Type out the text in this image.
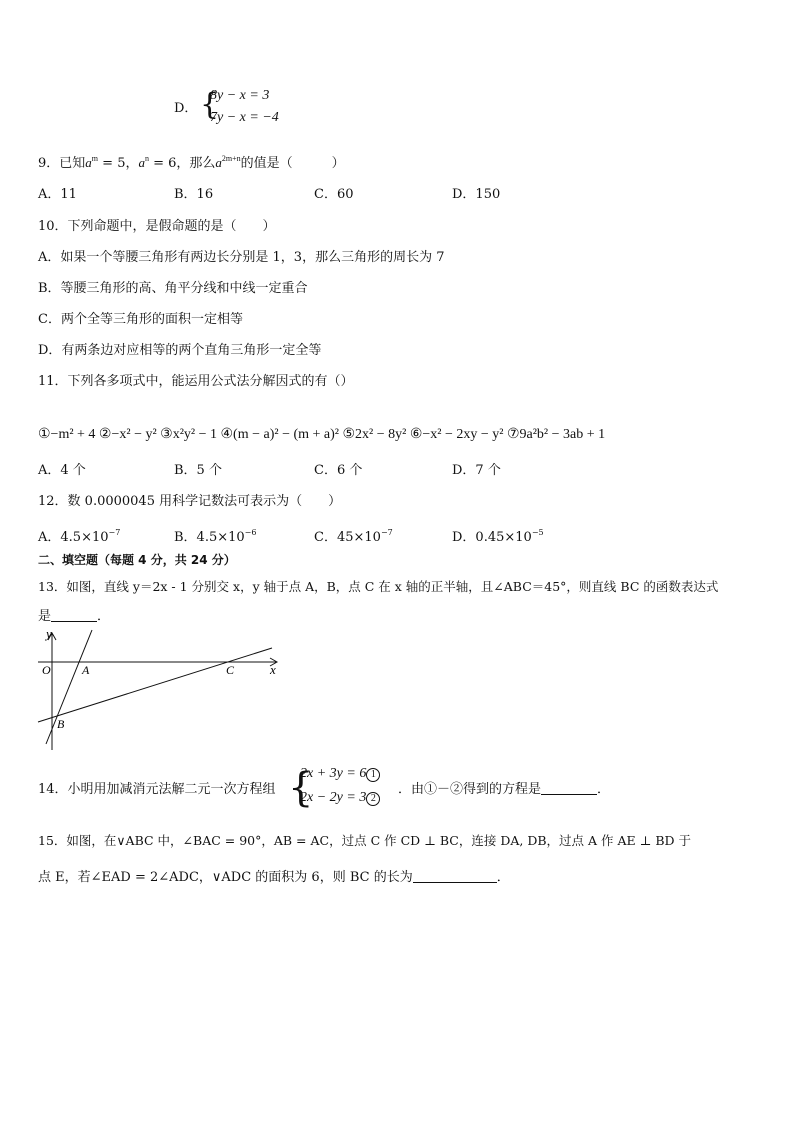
D． {
8y − x = 3
7y − x = −4
9．已知$a^m = 5$，$a^n = 6$，那么$a^{2m+n}$的值是（　　　）
A．11	B．16	C．60	D．150
10．下列命题中，是假命题的是（　　）
A．如果一个等腰三角形有两边长分别是 1，3，那么三角形的周长为 7
B．等腰三角形的高、角平分线和中线一定重合
C．两个全等三角形的面积一定相等
D．有两条边对应相等的两个直角三角形一定全等
11．下列各多项式中，能运用公式法分解因式的有（）
①−m² + 4 ②−x² − y² ③x²y² − 1 ④(m − a)² − (m + a)² ⑤2x² − 8y² ⑥−x² − 2xy − y² ⑦9a²b² − 3ab + 1
A．4 个	B．5 个	C．6 个	D．7 个
12．数 0.0000045 用科学记数法可表示为（　　）
A．$4.5\times 10^{-7}$	B．$4.5\times 10^{-6}$	C．$45\times 10^{-7}$	D．$0.45\times 10^{-5}$
二、填空题（每题 4 分，共 24 分）
13．如图，直线 y＝2x - 1 分别交 x，y 轴于点 A，B，点 C 在 x 轴的正半轴，且∠ABC＝45°，则直线 BC 的函数表达式
是	．
y
x
O	A
B
C
14．小明用加减消元法解二元一次方程组 {
2x + 3y = 6 1
2x − 2y = 3 2
．由①－②得到的方程是	．
15．如图，在∨ABC 中，∠BAC = 90°，AB = AC，过点 C 作 CD ⊥ BC，连接 DA, DB，过点 A 作 AE ⊥ BD 于
点 E，若∠EAD = 2∠ADC，∨ADC 的面积为 6，则 BC 的长为	．
